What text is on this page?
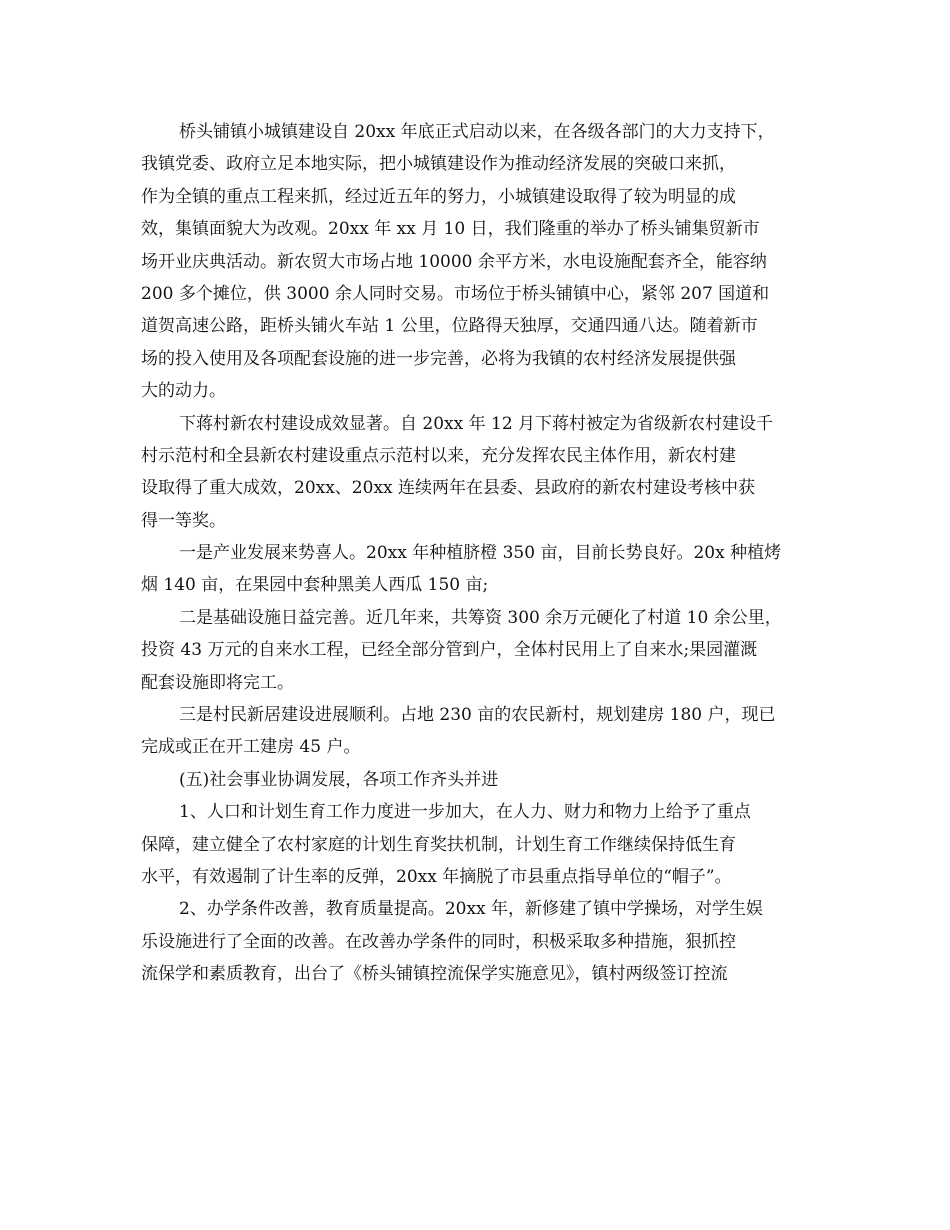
桥头铺镇小城镇建设自 20xx 年底正式启动以来，在各级各部门的大力支持下，
我镇党委、政府立足本地实际，把小城镇建设作为推动经济发展的突破口来抓，
作为全镇的重点工程来抓，经过近五年的努力，小城镇建设取得了较为明显的成
效，集镇面貌大为改观。20xx 年 xx 月 10 日，我们隆重的举办了桥头铺集贸新市
场开业庆典活动。新农贸大市场占地 10000 余平方米，水电设施配套齐全，能容纳
200 多个摊位，供 3000 余人同时交易。市场位于桥头铺镇中心，紧邻 207 国道和
道贺高速公路，距桥头铺火车站 1 公里，位路得天独厚，交通四通八达。随着新市
场的投入使用及各项配套设施的进一步完善，必将为我镇的农村经济发展提供强
大的动力。
下蒋村新农村建设成效显著。自 20xx 年 12 月下蒋村被定为省级新农村建设千
村示范村和全县新农村建设重点示范村以来，充分发挥农民主体作用，新农村建
设取得了重大成效，20xx、20xx 连续两年在县委、县政府的新农村建设考核中获
得一等奖。
一是产业发展来势喜人。20xx 年种植脐橙 350 亩，目前长势良好。20x 种植烤
烟 140 亩，在果园中套种黑美人西瓜 150 亩;
二是基础设施日益完善。近几年来，共筹资 300 余万元硬化了村道 10 余公里，
投资 43 万元的自来水工程，已经全部分管到户，全体村民用上了自来水;果园灌溉
配套设施即将完工。
三是村民新居建设进展顺利。占地 230 亩的农民新村，规划建房 180 户，现已
完成或正在开工建房 45 户。
(五)社会事业协调发展，各项工作齐头并进
1、人口和计划生育工作力度进一步加大，在人力、财力和物力上给予了重点
保障，建立健全了农村家庭的计划生育奖扶机制，计划生育工作继续保持低生育
水平，有效遏制了计生率的反弹，20xx 年摘脱了市县重点指导单位的“帽子”。
2、办学条件改善，教育质量提高。20xx 年，新修建了镇中学操场，对学生娱
乐设施进行了全面的改善。在改善办学条件的同时，积极采取多种措施，狠抓控
流保学和素质教育，出台了《桥头铺镇控流保学实施意见》，镇村两级签订控流
